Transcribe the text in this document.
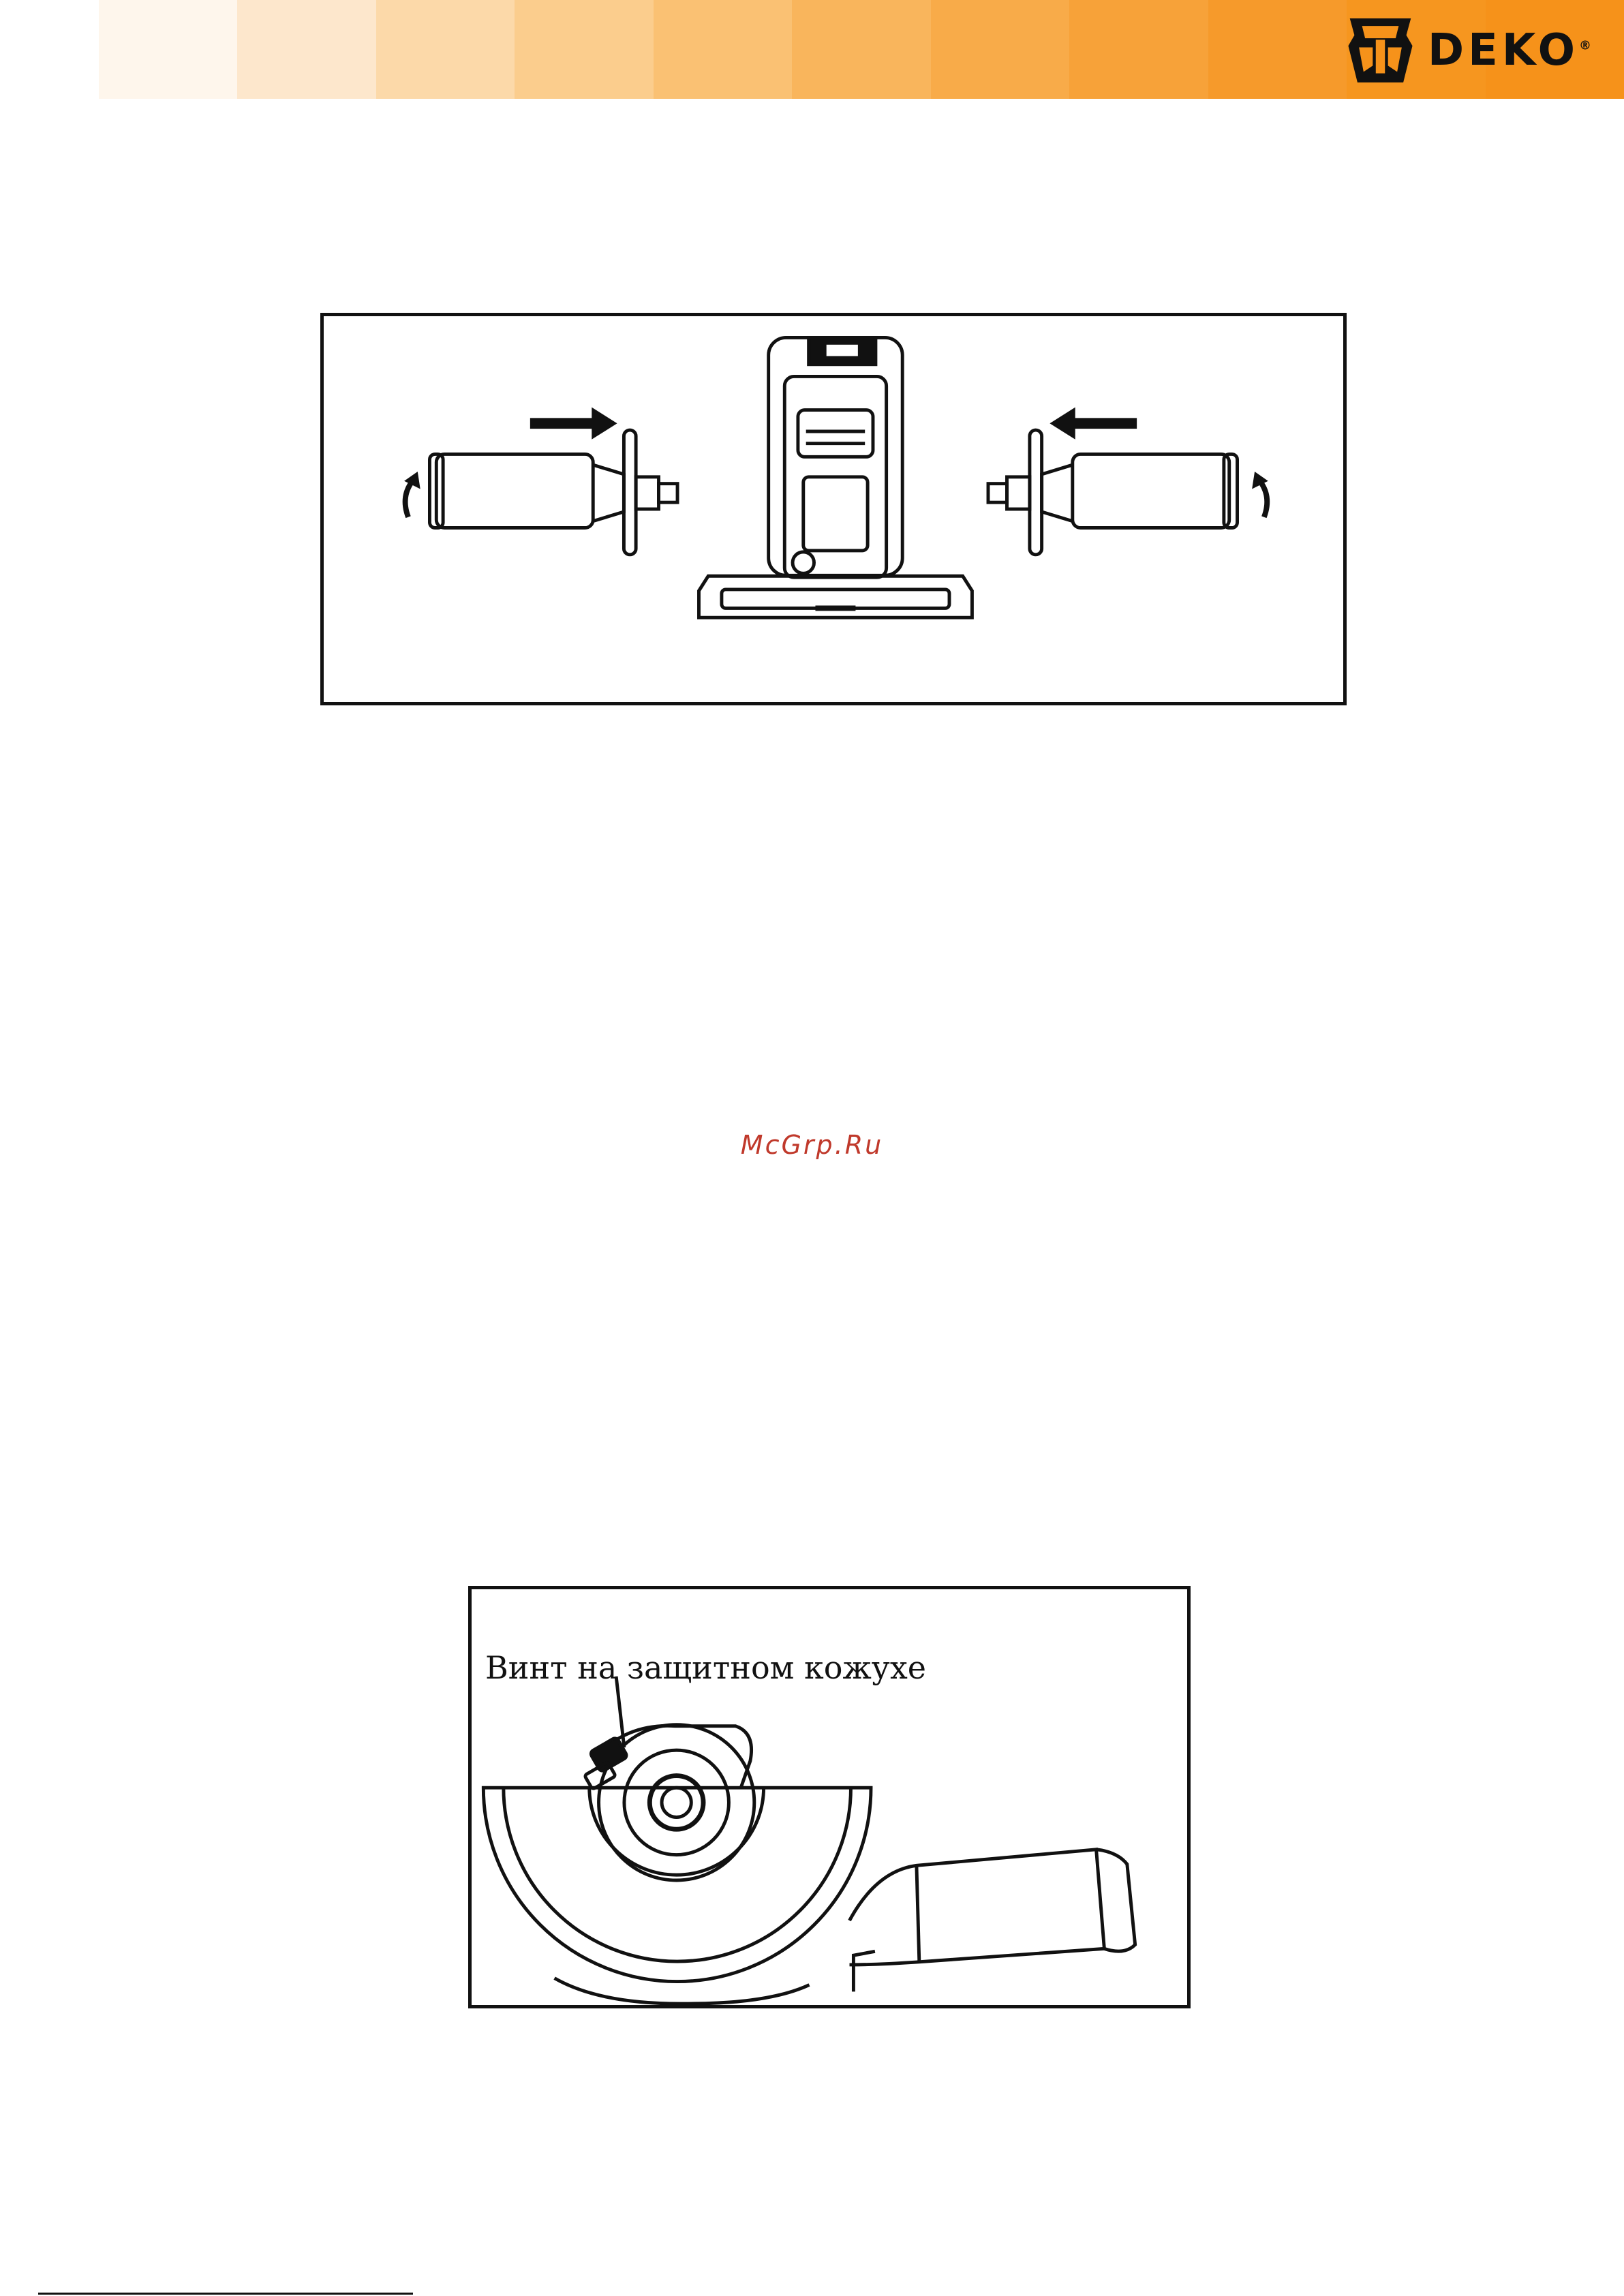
DEKO®
McGrp.Ru
Винт на защитном кожухе
